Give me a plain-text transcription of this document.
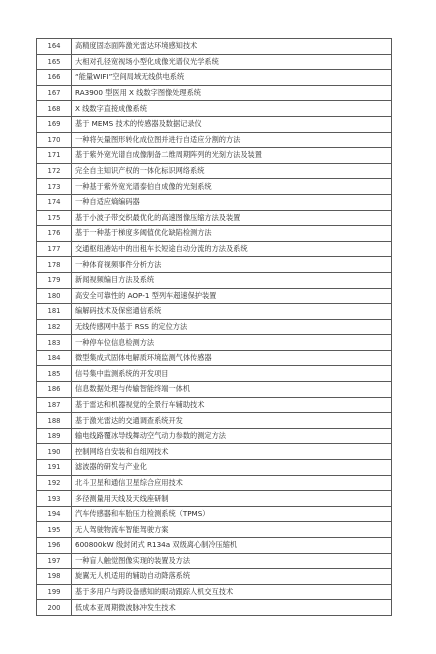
164	高精度固态面阵激光雷达环境感知技术
165	大相对孔径宽视场小型化成像光谱仪光学系统
166	“能量WIFI”空间局域无线供电系统
167	RA3900 型医用 X 线数字图像处理系统
168	X 线数字直接成像系统
169	基于 MEMS 技术的传感器及数据记录仪
170	一种将矢量图形转化成位图并进行自适应分割的方法
171	基于紫外宽光谱自成像制备二维周期阵列的光刻方法及装置
172	完全自主知识产权的一体化标识网络系统
173	一种基于紫外宽光谱泰伯自成像的光刻系统
174	一种自适应熵编码器
175	基于小波子带交织最优化的高速图像压缩方法及装置
176	基于一种基于梯度多阈值优化缺陷检测方法
177	交通枢纽港站中的出租车长短途自动分流的方法及系统
178	一种体育视频事件分析方法
179	新闻视频编目方法及系统
180	高安全可靠性的 AOP-1 型列车超速保护装置
181	编解码技术及保密通信系统
182	无线传感网中基于 RSS 的定位方法
183	一种停车位信息检测方法
184	微型集成式固体电解质环境监测气体传感器
185	信号集中监测系统的开发项目
186	信息数据处理与传输智能终端一体机
187	基于雷达和机器视觉的全景行车辅助技术
188	基于激光雷达的交通调查系统开发
189	输电线路覆冰导线舞动空气动力参数的测定方法
190	控制网络自安装和自组网技术
191	滤波器的研发与产业化
192	北斗卫星和通信卫星综合应用技术
193	多径测量用天线及天线座研制
194	汽车传感器和车胎压力检测系统（TPMS）
195	无人驾驶物流车智能驾驶方案
196	600800kW 级封闭式 R134a 双级离心制冷压缩机
197	一种盲人触觉图像实现的装置及方法
198	旋翼无人机适用的辅助自动降落系统
199	基于多用户与跨设备感知的眼动跟踪人机交互技术
200	低成本亚周期微波脉冲发生技术
